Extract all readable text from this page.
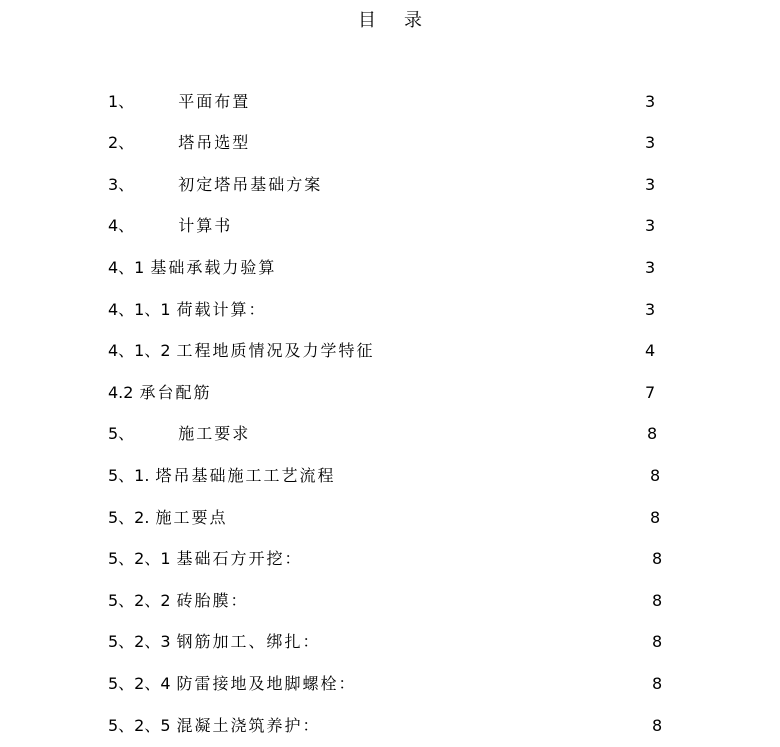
目录
1、	平面布置	3
2、	塔吊选型	3
3、	初定塔吊基础方案	3
4、	计算书	3
4、1 基础承载力验算	3
4、1、1 荷载计算：	3
4、1、2 工程地质情况及力学特征	4
4.2 承台配筋	7
5、	施工要求	8
5、1. 塔吊基础施工工艺流程	8
5、2. 施工要点	8
5、2、1 基础石方开挖：	8
5、2、2 砖胎膜：	8
5、2、3 钢筋加工、绑扎：	8
5、2、4 防雷接地及地脚螺栓：	8
5、2、5 混凝土浇筑养护：	8
